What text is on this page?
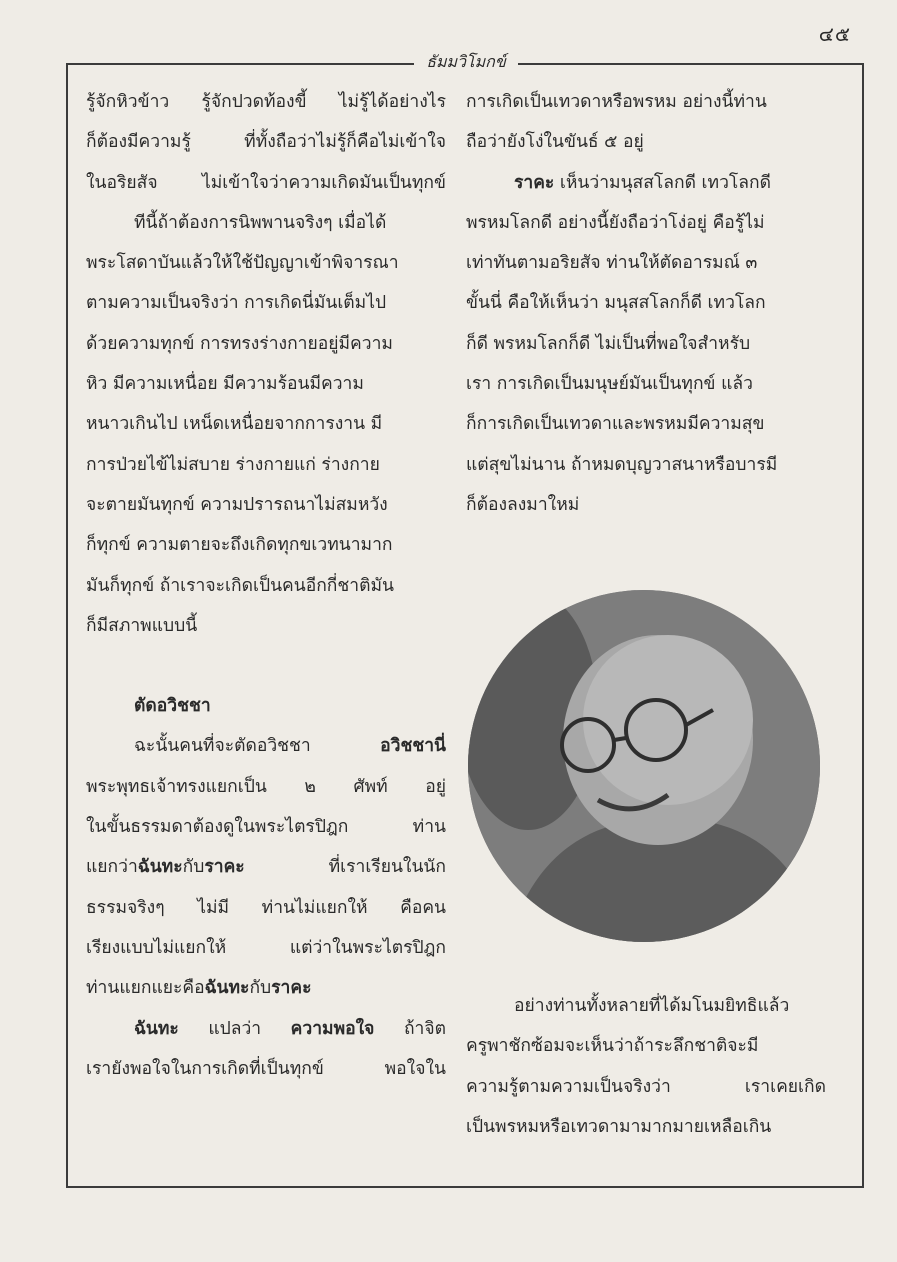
๔๕
ธัมมวิโมกข์

รู้จักหิวข้าว รู้จักปวดท้องขี้ ไม่รู้ได้อย่างไร
ก็ต้องมีความรู้ ที่ทั้งถือว่าไม่รู้ก็คือไม่เข้าใจ
ในอริยสัจ ไม่เข้าใจว่าความเกิดมันเป็นทุกข์

ทีนี้ถ้าต้องการนิพพานจริงๆ เมื่อได้
พระโสดาบันแล้วให้ใช้ปัญญาเข้าพิจารณา
ตามความเป็นจริงว่า การเกิดนี่มันเต็มไป
ด้วยความทุกข์ การทรงร่างกายอยู่มีความ
หิว มีความเหนื่อย มีความร้อนมีความ
หนาวเกินไป เหน็ดเหนื่อยจากการงาน มี
การป่วยไข้ไม่สบาย ร่างกายแก่ ร่างกาย
จะตายมันทุกข์ ความปรารถนาไม่สมหวัง
ก็ทุกข์ ความตายจะถึงเกิดทุกขเวทนามาก
มันก็ทุกข์ ถ้าเราจะเกิดเป็นคนอีกกี่ชาติมัน
ก็มีสภาพแบบนี้

ตัดอวิชชา

ฉะนั้นคนที่จะตัดอวิชชา อวิชชานี่
พระพุทธเจ้าทรงแยกเป็น ๒ ศัพท์ อยู่
ในขั้นธรรมดาต้องดูในพระไตรปิฎก ท่าน
แยกว่าฉันทะกับราคะ ที่เราเรียนในนัก
ธรรมจริงๆ ไม่มี ท่านไม่แยกให้ คือคน
เรียงแบบไม่แยกให้ แต่ว่าในพระไตรปิฎก

ท่านแยกแยะคือฉันทะกับราคะ

ฉันทะ แปลว่า ความพอใจ ถ้าจิต
เรายังพอใจในการเกิดที่เป็นทุกข์ พอใจใน

การเกิดเป็นเทวดาหรือพรหม อย่างนี้ท่าน
ถือว่ายังโง่ในขันธ์ ๕ อยู่

ราคะ เห็นว่ามนุสสโลกดี เทวโลกดี
พรหมโลกดี อย่างนี้ยังถือว่าโง่อยู่ คือรู้ไม่
เท่าทันตามอริยสัจ ท่านให้ตัดอารมณ์ ๓
ขั้นนี่ คือให้เห็นว่า มนุสสโลกก็ดี เทวโลก
ก็ดี พรหมโลกก็ดี ไม่เป็นที่พอใจสำหรับ
เรา การเกิดเป็นมนุษย์มันเป็นทุกข์ แล้ว
ก็การเกิดเป็นเทวดาและพรหมมีความสุข
แต่สุขไม่นาน ถ้าหมดบุญวาสนาหรือบารมี
ก็ต้องลงมาใหม่

อย่างท่านทั้งหลายที่ได้มโนมยิทธิแล้ว
ครูพาชักซ้อมจะเห็นว่าถ้าระลึกชาติจะมี
ความรู้ตามความเป็นจริงว่า เราเคยเกิด
เป็นพรหมหรือเทวดามามากมายเหลือเกิน
